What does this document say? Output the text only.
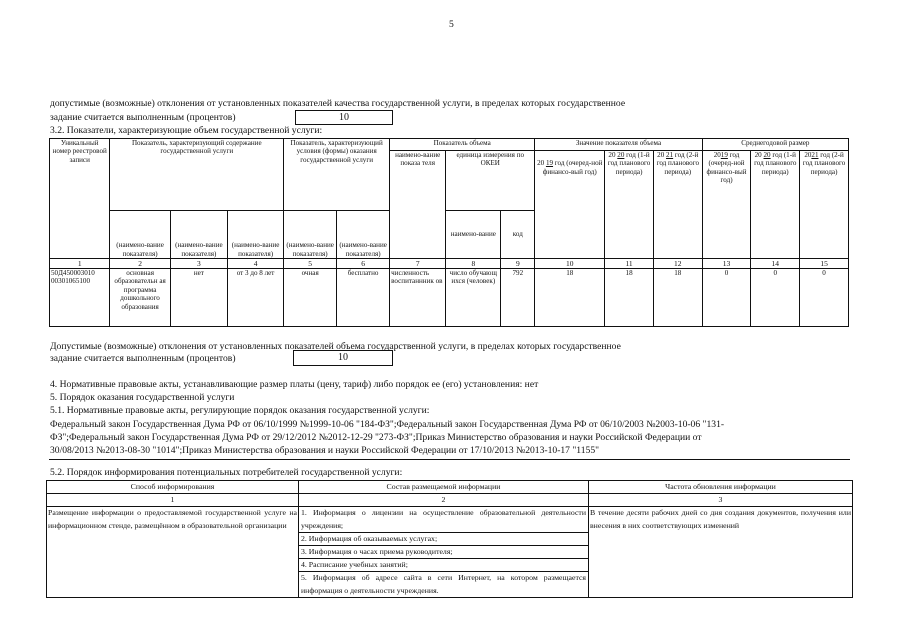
5
допустимые (возможные) отклонения от установленных показателей качества государственной услуги, в пределах которых государственное
задание считается выполненным (процентов)	10
3.2. Показатели, характеризующие объем государственной услуги:
Уникальный номер реестровой записи	Показатель, характеризующий содержание государственной услуги			Показатель, характеризующий условия (формы) оказания государственной услуги		Показатель объема			Значение показателя объема			Среднегодовой размер		
						наимено-вание показа теля	единица измерения по ОКЕИ		20 19 год (очеред-ной финансо-вый год)	20 20 год (1-й год планового периода)	20 21 год (2-й год планового периода)	2019 год (очеред-ной финансо-вый год)	20 20 год (1-й год планового периода)	2021 год (2-й год планового периода)
	(наимено-вание показателя)	(наимено-вание показателя)	(наимено-вание показателя)	(наимено-вание показателя)	(наимено-вание показателя)		наимено-вание	код						
1	2	3	4	5	6	7	8	9	10	11	12	13	14	15
50Д450003010 00301065100	основная образовательн ая программа дошкольного образования	нет	от 3 до 8 лет	очная	бесплатно	численность воспитаннник ов	число обучающ ихся (человек)	792	18	18	18	0	0	0
Допустимые (возможные) отклонения от установленных показателей объема государственной услуги, в пределах которых государственное
задание считается выполненным (процентов)	10
4. Нормативные правовые акты, устанавливающие размер платы (цену, тариф) либо порядок ее (его) установления: нет
5. Порядок оказания государственной услуги
5.1. Нормативные правовые акты, регулирующие порядок оказания государственной услуги:
Федеральный закон Государственная Дума РФ от 06/10/1999 №1999-10-06 "184-ФЗ";Федеральный закон Государственная Дума РФ от 06/10/2003 №2003-10-06 "131-
ФЗ";Федеральный закон Государственная Дума РФ от 29/12/2012 №2012-12-29 "273-ФЗ";Приказ Министерство образования и науки Российской Федерации от
30/08/2013 №2013-08-30 "1014";Приказ Министерства образования и науки Российской Федерации от 17/10/2013 №2013-10-17 "1155"
5.2. Порядок информирования потенциальных потребителей государственной услуги:
Способ информирования	Состав размещаемой информации	Частота обновления информации
1	2	3
Размещение информации о предоставляемой государственной услуге на информационном стенде, размещённом в образовательной организации	1. Информация о лицензии на осуществление образовательной деятельности учреждения;
2. Информация об оказываемых услугах;
3. Информация о часах приема руководителя;
4. Расписание учебных занятий;
5. Информация об адресе сайта в сети Интернет, на котором размещается информация о деятельности учреждения.	В течение десяти рабочих дней со дня создания документов, получения или внесения в них соответствующих изменений
